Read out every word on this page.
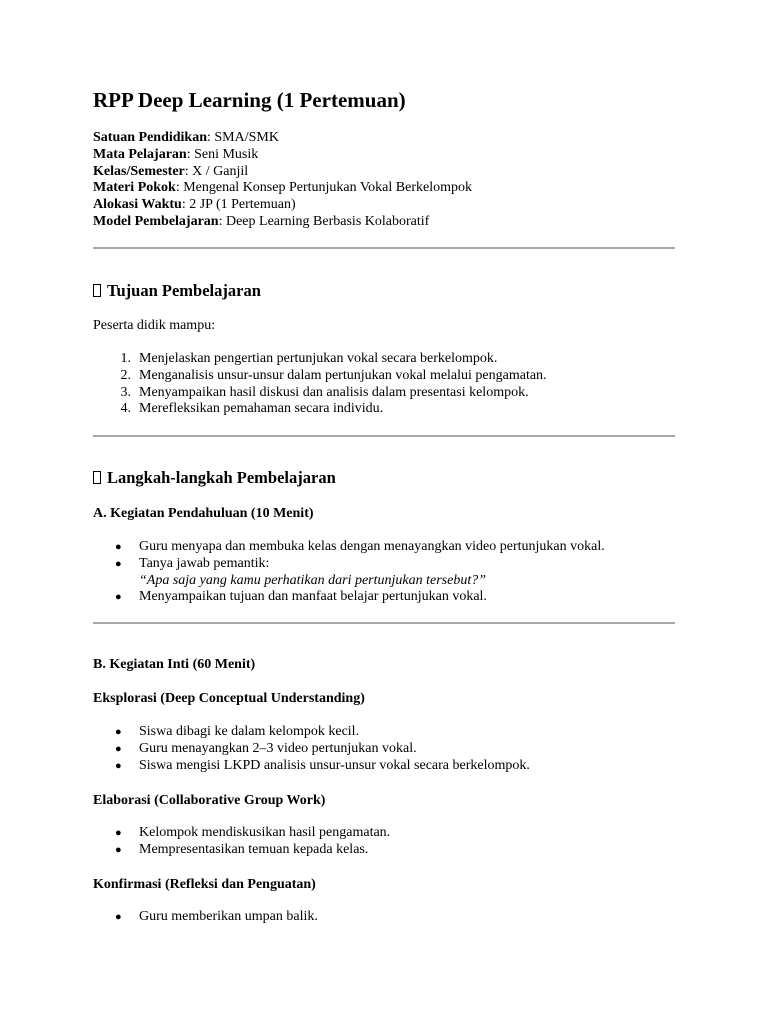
RPP Deep Learning (1 Pertemuan)
Satuan Pendidikan: SMA/SMK
Mata Pelajaran: Seni Musik
Kelas/Semester: X / Ganjil
Materi Pokok: Mengenal Konsep Pertunjukan Vokal Berkelompok
Alokasi Waktu: 2 JP (1 Pertemuan)
Model Pembelajaran: Deep Learning Berbasis Kolaboratif
Tujuan Pembelajaran
Peserta didik mampu:
1. Menjelaskan pengertian pertunjukan vokal secara berkelompok.
2. Menganalisis unsur-unsur dalam pertunjukan vokal melalui pengamatan.
3. Menyampaikan hasil diskusi dan analisis dalam presentasi kelompok.
4. Merefleksikan pemahaman secara individu.
Langkah-langkah Pembelajaran
A. Kegiatan Pendahuluan (10 Menit)
● Guru menyapa dan membuka kelas dengan menayangkan video pertunjukan vokal.
● Tanya jawab pemantik:
“Apa saja yang kamu perhatikan dari pertunjukan tersebut?”
● Menyampaikan tujuan dan manfaat belajar pertunjukan vokal.
B. Kegiatan Inti (60 Menit)
Eksplorasi (Deep Conceptual Understanding)
● Siswa dibagi ke dalam kelompok kecil.
● Guru menayangkan 2–3 video pertunjukan vokal.
● Siswa mengisi LKPD analisis unsur-unsur vokal secara berkelompok.
Elaborasi (Collaborative Group Work)
● Kelompok mendiskusikan hasil pengamatan.
● Mempresentasikan temuan kepada kelas.
Konfirmasi (Refleksi dan Penguatan)
● Guru memberikan umpan balik.
